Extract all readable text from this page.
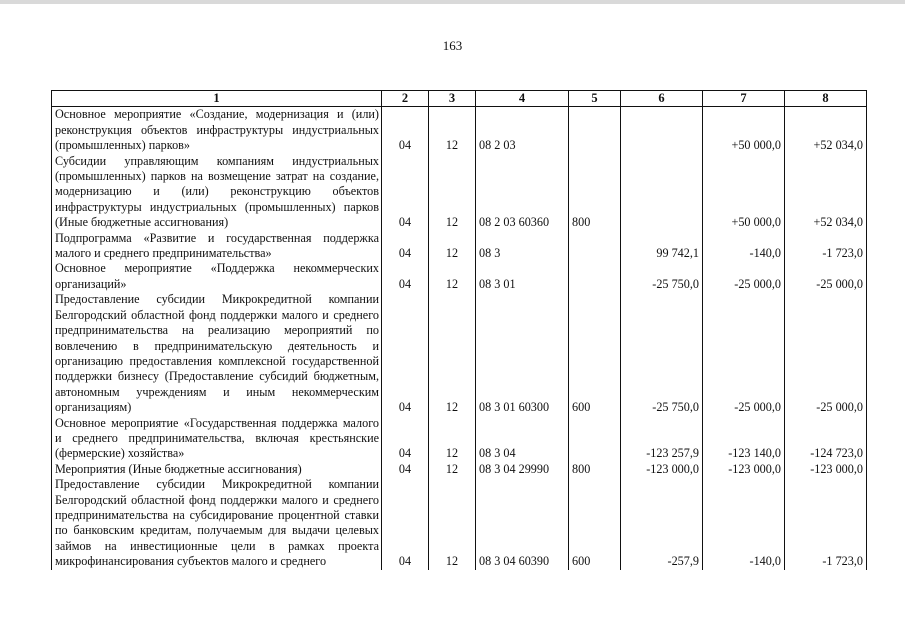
163
1	2	3	4	5	6	7	8
Основное мероприятие «Создание, модернизация и (или) реконструкция объектов инфраструктуры индустриальных (промышленных) парков»	04	12	08 2 03			+50 000,0	+52 034,0
Субсидии управляющим компаниям индустриальных (промышленных) парков на возмещение затрат на создание, модернизацию и (или) реконструкцию объектов инфраструктуры индустриальных (промышленных) парков (Иные бюджетные ассигнования)	04	12	08 2 03 60360	800		+50 000,0	+52 034,0
Подпрограмма «Развитие и государственная поддержка малого и среднего предпринимательства»	04	12	08 3		99 742,1	-140,0	-1 723,0
Основное мероприятие «Поддержка некоммерческих организаций»	04	12	08 3 01		-25 750,0	-25 000,0	-25 000,0
Предоставление субсидии Микрокредитной компании Белгородский областной фонд поддержки малого и среднего предпринимательства на реализацию мероприятий по вовлечению в предпринимательскую деятельность и организацию предоставления комплексной государственной поддержки бизнесу (Предоставление субсидий бюджетным, автономным учреждениям и иным некоммерческим организациям)	04	12	08 3 01 60300	600	-25 750,0	-25 000,0	-25 000,0
Основное мероприятие «Государственная поддержка малого и среднего предпринимательства, включая крестьянские (фермерские) хозяйства»	04	12	08 3 04		-123 257,9	-123 140,0	-124 723,0
Мероприятия (Иные бюджетные ассигнования)	04	12	08 3 04 29990	800	-123 000,0	-123 000,0	-123 000,0
Предоставление субсидии Микрокредитной компании Белгородский областной фонд поддержки малого и среднего предпринимательства на субсидирование процентной ставки по банковским кредитам, получаемым для выдачи целевых займов на инвестиционные цели в рамках проекта микрофинансирования субъектов малого и среднего	04	12	08 3 04 60390	600	-257,9	-140,0	-1 723,0
